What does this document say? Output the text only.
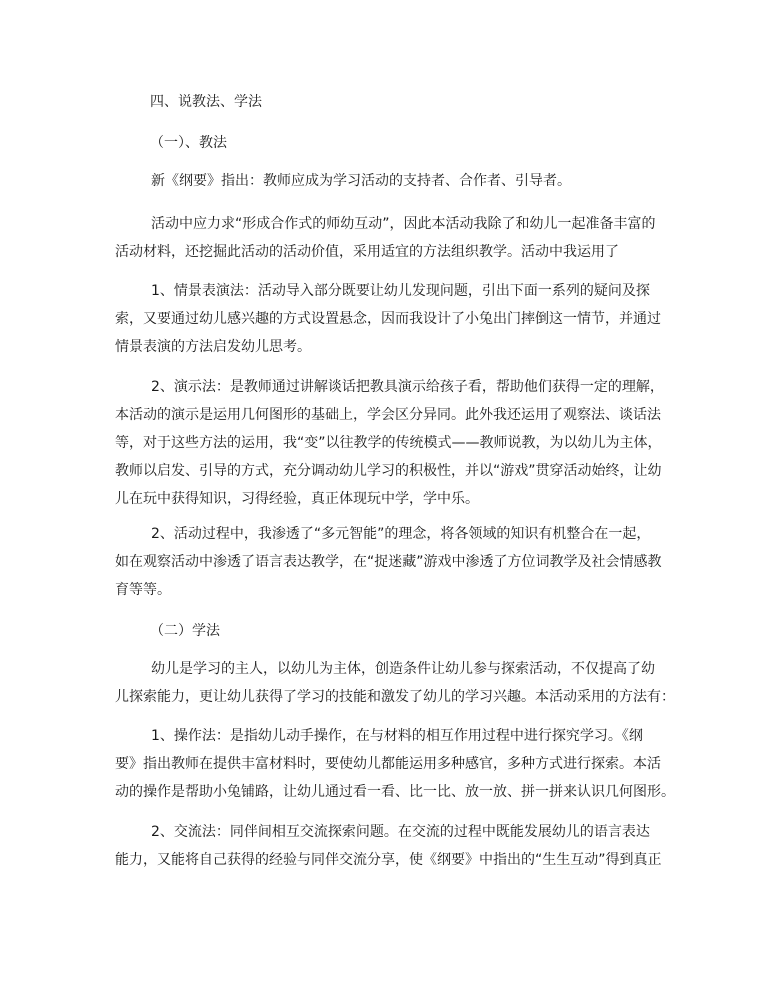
四、说教法、学法
（一）、教法

新《纲要》指出：教师应成为学习活动的支持者、合作者、引导者。

活动中应力求“形成合作式的师幼互动”，因此本活动我除了和幼儿一起准备丰富的
活动材料，还挖掘此活动的活动价值，采用适宜的方法组织教学。活动中我运用了

1、情景表演法：活动导入部分既要让幼儿发现问题，引出下面一系列的疑问及探
索，又要通过幼儿感兴趣的方式设置悬念，因而我设计了小兔出门摔倒这一情节，并通过
情景表演的方法启发幼儿思考。

2、演示法：是教师通过讲解谈话把教具演示给孩子看，帮助他们获得一定的理解，
本活动的演示是运用几何图形的基础上，学会区分异同。此外我还运用了观察法、谈话法
等，对于这些方法的运用，我“变”以往教学的传统模式——教师说教，为以幼儿为主体，
教师以启发、引导的方式，充分调动幼儿学习的积极性，并以“游戏”贯穿活动始终，让幼
儿在玩中获得知识，习得经验，真正体现玩中学，学中乐。

2、活动过程中，我渗透了“多元智能”的理念，将各领域的知识有机整合在一起，
如在观察活动中渗透了语言表达教学，在“捉迷藏”游戏中渗透了方位词教学及社会情感教
育等等。

（二）学法

幼儿是学习的主人，以幼儿为主体，创造条件让幼儿参与探索活动，不仅提高了幼
儿探索能力，更让幼儿获得了学习的技能和激发了幼儿的学习兴趣。本活动采用的方法有：

1、操作法：是指幼儿动手操作，在与材料的相互作用过程中进行探究学习。《纲
要》指出教师在提供丰富材料时，要使幼儿都能运用多种感官，多种方式进行探索。本活
动的操作是帮助小兔铺路，让幼儿通过看一看、比一比、放一放、拼一拼来认识几何图形。

2、交流法：同伴间相互交流探索问题。在交流的过程中既能发展幼儿的语言表达
能力，又能将自己获得的经验与同伴交流分享，使《纲要》中指出的“生生互动”得到真正
